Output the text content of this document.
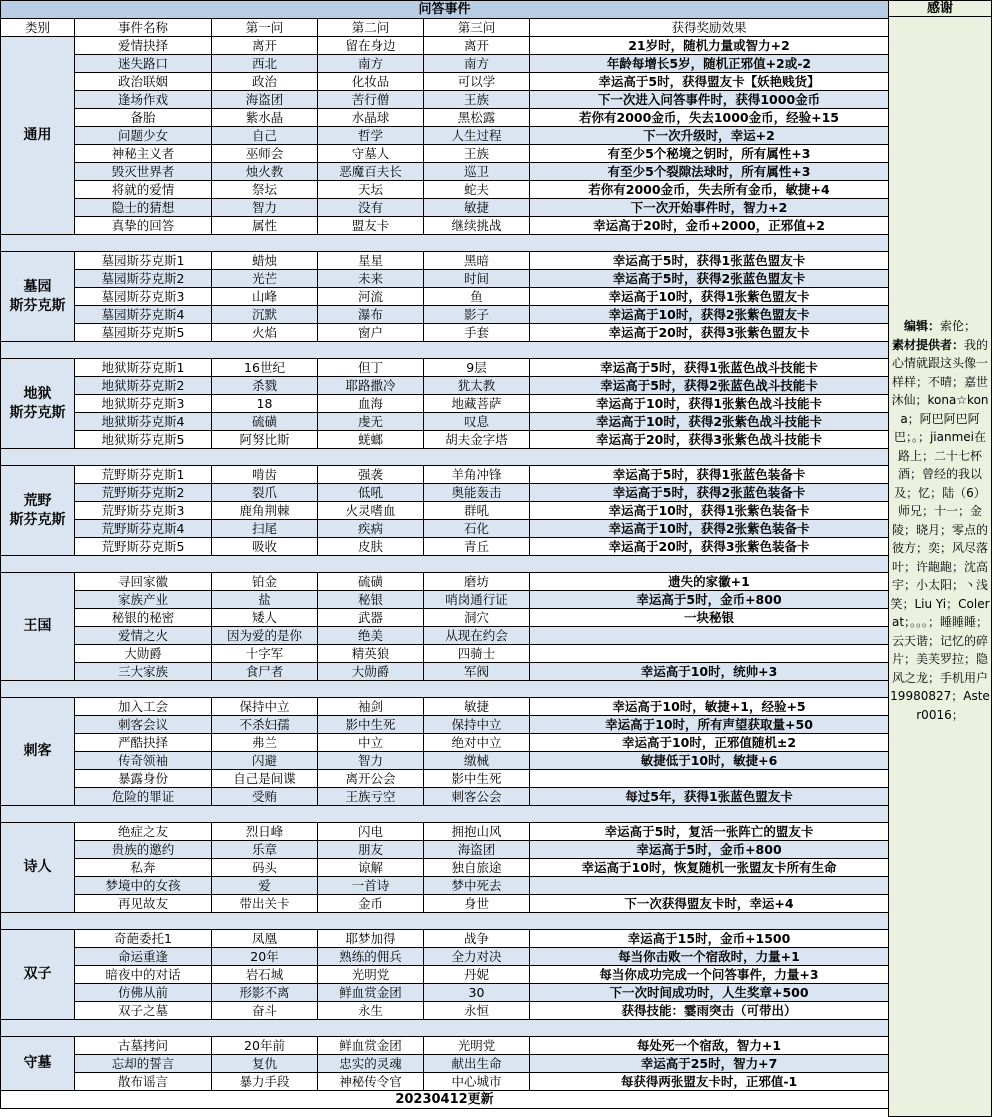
问答事件					
类别	事件名称	第一问	第二问	第三问	获得奖励效果
通用	爱情抉择	离开	留在身边	离开	21岁时，随机力量或智力+2
	迷失路口	西北	南方	南方	年龄每增长5岁，随机正邪值+2或-2
	政治联姻	政治	化妆品	可以学	幸运高于5时，获得盟友卡【妖艳贱货】
	逢场作戏	海盗团	苦行僧	王族	下一次进入问答事件时，获得1000金币
	备胎	紫水晶	水晶球	黑松露	若你有2000金币，失去1000金币，经验+15
	问题少女	自己	哲学	人生过程	下一次升级时，幸运+2
	神秘主义者	巫师会	守墓人	王族	有至少5个秘境之钥时，所有属性+3
	毁灭世界者	烛火教	恶魔百夫长	巡卫	有至少5个裂隙法球时，所有属性+3
	将就的爱情	祭坛	天坛	蛇夫	若你有2000金币，失去所有金币，敏捷+4
	隐士的猜想	智力	没有	敏捷	下一次开始事件时，智力+2
	真挚的回答	属性	盟友卡	继续挑战	幸运高于20时，金币+2000，正邪值+2

墓园
斯芬克斯	墓园斯芬克斯1	蜡烛	星星	黑暗	幸运高于5时，获得1张蓝色盟友卡
	墓园斯芬克斯2	光芒	未来	时间	幸运高于5时，获得2张蓝色盟友卡
	墓园斯芬克斯3	山峰	河流	鱼	幸运高于10时，获得1张紫色盟友卡
	墓园斯芬克斯4	沉默	瀑布	影子	幸运高于10时，获得2张紫色盟友卡
	墓园斯芬克斯5	火焰	窗户	手套	幸运高于20时，获得3张紫色盟友卡

地狱
斯芬克斯	地狱斯芬克斯1	16世纪	但丁	9层	幸运高于5时，获得1张蓝色战斗技能卡
	地狱斯芬克斯2	杀戮	耶路撒冷	犹太教	幸运高于5时，获得2张蓝色战斗技能卡
	地狱斯芬克斯3	18	血海	地藏菩萨	幸运高于10时，获得1张紫色战斗技能卡
	地狱斯芬克斯4	硫磺	虔无	叹息	幸运高于10时，获得2张紫色战斗技能卡
	地狱斯芬克斯5	阿努比斯	蜣螂	胡夫金字塔	幸运高于20时，获得3张紫色战斗技能卡

荒野
斯芬克斯	荒野斯芬克斯1	啃齿	强袭	羊角冲锋	幸运高于5时，获得1张蓝色装备卡
	荒野斯芬克斯2	裂爪	低吼	奥能轰击	幸运高于5时，获得2张蓝色装备卡
	荒野斯芬克斯3	鹿角荆棘	火灵嗜血	群吼	幸运高于10时，获得1张紫色装备卡
	荒野斯芬克斯4	扫尾	疾病	石化	幸运高于10时，获得2张紫色装备卡
	荒野斯芬克斯5	吸收	皮肤	青丘	幸运高于20时，获得3张紫色装备卡

王国	寻回家徽	铂金	硫磺	磨坊	遗失的家徽+1
	家族产业	盐	秘银	哨岗通行证	幸运高于5时，金币+800
	秘银的秘密	矮人	武器	洞穴	一块秘银
	爱情之火	因为爱的是你	绝美	从现在约会	
	大勋爵	十字军	精英狼	四骑士	
	三大家族	食尸者	大勋爵	军阀	幸运高于10时，统帅+3

刺客	加入工会	保持中立	袖剑	敏捷	幸运高于10时，敏捷+1，经验+5
	刺客会议	不杀妇孺	影中生死	保持中立	幸运高于10时，所有声望获取量+50
	严酷抉择	弗兰	中立	绝对中立	幸运高于10时，正邪值随机±2
	传奇领袖	闪避	智力	缴械	敏捷低于10时，敏捷+6
	暴露身份	自己是间谍	离开公会	影中生死	
	危险的罪证	受贿	王族亏空	刺客公会	每过5年，获得1张蓝色盟友卡

诗人	绝症之友	烈日峰	闪电	拥抱山风	幸运高于5时，复活一张阵亡的盟友卡
	贵族的邀约	乐章	朋友	海盗团	幸运高于5时，金币+800
	私奔	码头	谅解	独自旅途	幸运高于10时，恢复随机一张盟友卡所有生命
	梦境中的女孩	爱	一首诗	梦中死去	
	再见故友	带出关卡	金币	身世	下一次获得盟友卡时，幸运+4

双子	奇葩委托1	凤凰	耶梦加得	战争	幸运高于15时，金币+1500
	命运重逢	20年	熟练的佣兵	全力对决	每当你击败一个宿敌时，力量+1
	暗夜中的对话	岩石城	光明党	丹妮	每当你成功完成一个问答事件，力量+3
	仿佛从前	形影不离	鲜血赏金团	30	下一次时间成功时，人生奖章+500
	双子之墓	奋斗	永生	永恒	获得技能：霎雨突击（可带出）

守墓	古墓拷问	20年前	鲜血赏金团	光明党	每处死一个宿敌，智力+1
	忘却的誓言	复仇	忠实的灵魂	献出生命	幸运高于25时，智力+7
	散布谣言	暴力手段	神秘传令官	中心城市	每获得两张盟友卡时，正邪值-1
20230412更新					
感谢
编辑：索伦；
素材提供者：我的心情就跟这头像一样样；不晴；嘉世沐仙；kona☆kona；阿巴阿巴阿巴；。；jianmei在路上；二十七杯酒；曾经的我以及；忆；陆（6）师兄；十一；金陵；晓月；零点的彼方；奕；风尽落叶；许龅龅；沈高宇；小太阳；丶浅笑；Liu Yi；Colerat；。。。；睡睡睡；云天谐；记忆的碎片；美芙罗拉；隐风之龙；手机用户19980827；Aster0016；
